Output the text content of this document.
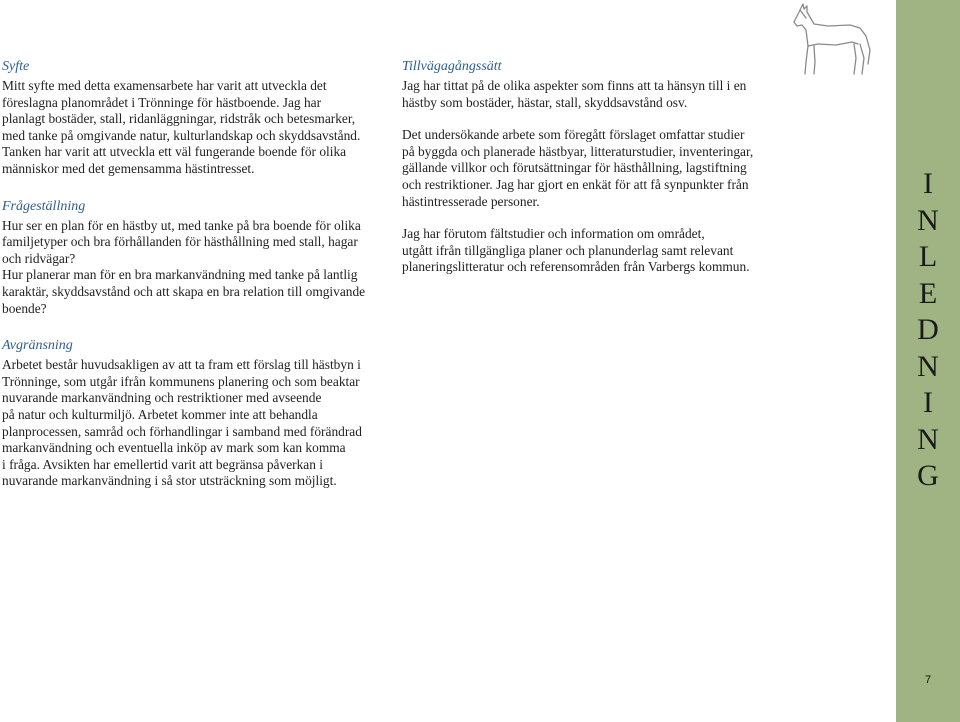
Syfte

Mitt syfte med detta examensarbete har varit att utveckla det
föreslagna planområdet i Trönninge för hästboende. Jag har
planlagt bostäder, stall, ridanläggningar, ridstråk och betesmarker,
med tanke på omgivande natur, kulturlandskap och skyddsavstånd.
Tanken har varit att utveckla ett väl fungerande boende för olika
människor med det gemensamma hästintresset.

Frågeställning

Hur ser en plan för en hästby ut, med tanke på bra boende för olika
familjetyper och bra förhållanden för hästhållning med stall, hagar
och ridvägar?
Hur planerar man för en bra markanvändning med tanke på lantlig
karaktär, skyddsavstånd och att skapa en bra relation till omgivande
boende?

Avgränsning

Arbetet består huvudsakligen av att ta fram ett förslag till hästbyn i
Trönninge, som utgår ifrån kommunens planering och som beaktar
nuvarande markanvändning och restriktioner med avseende
på natur och kulturmiljö. Arbetet kommer inte att behandla
planprocessen, samråd och förhandlingar i samband med förändrad
markanvändning och eventuella inköp av mark som kan komma
i fråga. Avsikten har emellertid varit att begränsa påverkan i
nuvarande markanvändning i så stor utsträckning som möjligt.

Tillvägagångssätt

Jag har tittat på de olika aspekter som finns att ta hänsyn till i en
hästby som bostäder, hästar, stall, skyddsavstånd osv.

Det undersökande arbete som föregått förslaget omfattar studier
på byggda och planerade hästbyar, litteraturstudier, inventeringar,
gällande villkor och förutsättningar för hästhållning, lagstiftning
och restriktioner. Jag har gjort en enkät för att få synpunkter från
hästintresserade personer.

Jag har förutom fältstudier och information om området,
utgått ifrån tillgängliga planer och planunderlag samt relevant
planeringslitteratur och referensområden från Varbergs kommun.

I
N
L
E
D
N
I
N
G
7
